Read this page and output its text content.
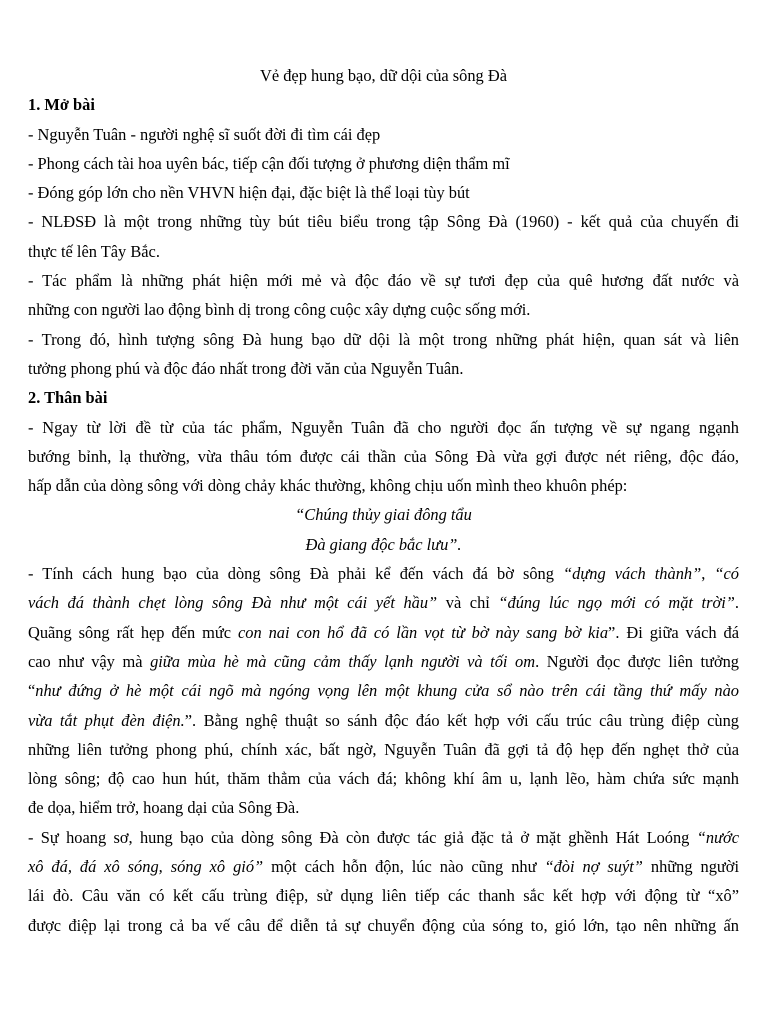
Vẻ đẹp hung bạo, dữ dội của sông Đà
1. Mở bài
- Nguyễn Tuân - người nghệ sĩ suốt đời đi tìm cái đẹp
- Phong cách tài hoa uyên bác, tiếp cận đối tượng ở phương diện thẩm mĩ
- Đóng góp lớn cho nền VHVN hiện đại, đặc biệt là thể loại tùy bút
- NLĐSĐ là một trong những tùy bút tiêu biểu trong tập Sông Đà (1960) - kết quả của chuyến đi
thực tế lên Tây Bắc.
- Tác phẩm là những phát hiện mới mẻ và độc đáo về sự tươi đẹp của quê hương đất nước và
những con người lao động bình dị trong công cuộc xây dựng cuộc sống mới.
- Trong đó, hình tượng sông Đà hung bạo dữ dội là một trong những phát hiện, quan sát và liên
tưởng phong phú và độc đáo nhất trong đời văn của Nguyễn Tuân.
2. Thân bài
- Ngay từ lời đề từ của tác phẩm, Nguyễn Tuân đã cho người đọc ấn tượng về sự ngang ngạnh
bướng bỉnh, lạ thường, vừa thâu tóm được cái thần của Sông Đà vừa gợi được nét riêng, độc đáo,
hấp dẫn của dòng sông với dòng chảy khác thường, không chịu uốn mình theo khuôn phép:
“Chúng thủy giai đông tẩu
Đà giang độc bắc lưu”.
- Tính cách hung bạo của dòng sông Đà phải kể đến vách đá bờ sông “dựng vách thành”, “có
vách đá thành chẹt lòng sông Đà như một cái yết hầu” và chỉ “đúng lúc ngọ mới có mặt trời”.
Quãng sông rất hẹp đến mức con nai con hổ đã có lần vọt từ bờ này sang bờ kia”. Đi giữa vách đá
cao như vậy mà giữa mùa hè mà cũng cảm thấy lạnh người và tối om. Người đọc được liên tưởng
“như đứng ở hè một cái ngõ mà ngóng vọng lên một khung cửa sổ nào trên cái tầng thứ mấy nào
vừa tắt phụt đèn điện.”. Bằng nghệ thuật so sánh độc đáo kết hợp với cấu trúc câu trùng điệp cùng
những liên tưởng phong phú, chính xác, bất ngờ, Nguyễn Tuân đã gợi tả độ hẹp đến nghẹt thở của
lòng sông; độ cao hun hút, thăm thẳm của vách đá; không khí âm u, lạnh lẽo, hàm chứa sức mạnh
đe dọa, hiểm trở, hoang dại của Sông Đà.
- Sự hoang sơ, hung bạo của dòng sông Đà còn được tác giả đặc tả ở mặt ghềnh Hát Loóng “nước
xô đá, đá xô sóng, sóng xô gió” một cách hỗn độn, lúc nào cũng như “đòi nợ suýt” những người
lái đò. Câu văn có kết cấu trùng điệp, sử dụng liên tiếp các thanh sắc kết hợp với động từ “xô”
được điệp lại trong cả ba vế câu để diễn tả sự chuyển động của sóng to, gió lớn, tạo nên những ấn
